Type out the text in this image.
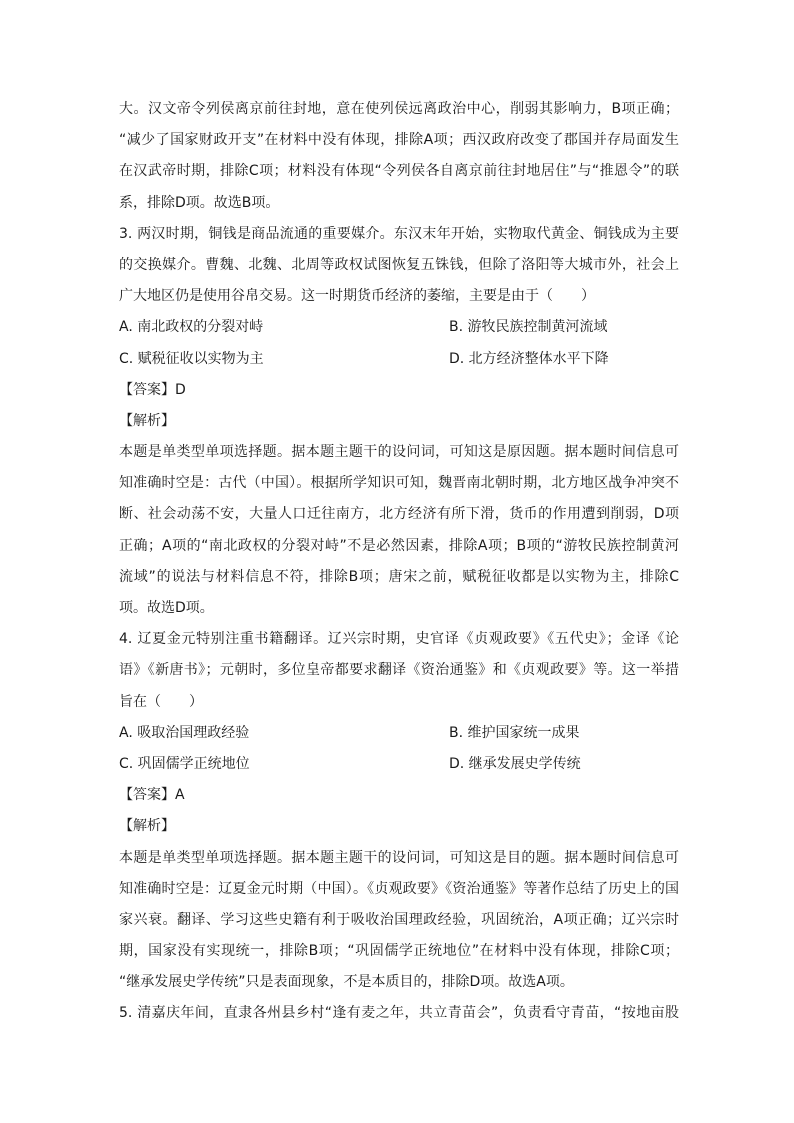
大。汉文帝令列侯离京前往封地，意在使列侯远离政治中心，削弱其影响力，B项正确；
“减少了国家财政开支”在材料中没有体现，排除A项；西汉政府改变了郡国并存局面发生
在汉武帝时期，排除C项；材料没有体现“令列侯各自离京前往封地居住”与“推恩令”的联
系，排除D项。故选B项。
3. 两汉时期，铜钱是商品流通的重要媒介。东汉末年开始，实物取代黄金、铜钱成为主要
的交换媒介。曹魏、北魏、北周等政权试图恢复五铢钱，但除了洛阳等大城市外，社会上
广大地区仍是使用谷帛交易。这一时期货币经济的萎缩，主要是由于（　　）
A. 南北政权的分裂对峙	B. 游牧民族控制黄河流域
C. 赋税征收以实物为主	D. 北方经济整体水平下降
【答案】D
【解析】
本题是单类型单项选择题。据本题主题干的设问词，可知这是原因题。据本题时间信息可
知准确时空是：古代（中国）。根据所学知识可知，魏晋南北朝时期，北方地区战争冲突不
断、社会动荡不安，大量人口迁往南方，北方经济有所下滑，货币的作用遭到削弱，D项
正确；A项的“南北政权的分裂对峙”不是必然因素，排除A项；B项的“游牧民族控制黄河
流域”的说法与材料信息不符，排除B项；唐宋之前，赋税征收都是以实物为主，排除C
项。故选D项。
4. 辽夏金元特别注重书籍翻译。辽兴宗时期，史官译《贞观政要》《五代史》；金译《论
语》《新唐书》；元朝时，多位皇帝都要求翻译《资治通鉴》和《贞观政要》等。这一举措
旨在（　　）
A. 吸取治国理政经验	B. 维护国家统一成果
C. 巩固儒学正统地位	D. 继承发展史学传统
【答案】A
【解析】
本题是单类型单项选择题。据本题主题干的设问词，可知这是目的题。据本题时间信息可
知准确时空是：辽夏金元时期（中国）。《贞观政要》《资治通鉴》等著作总结了历史上的国
家兴衰。翻译、学习这些史籍有利于吸收治国理政经验，巩固统治，A项正确；辽兴宗时
期，国家没有实现统一，排除B项；“巩固儒学正统地位”在材料中没有体现，排除C项；
“继承发展史学传统”只是表面现象，不是本质目的，排除D项。故选A项。
5. 清嘉庆年间，直隶各州县乡村“逢有麦之年，共立青苗会”，负责看守青苗，“按地亩股
